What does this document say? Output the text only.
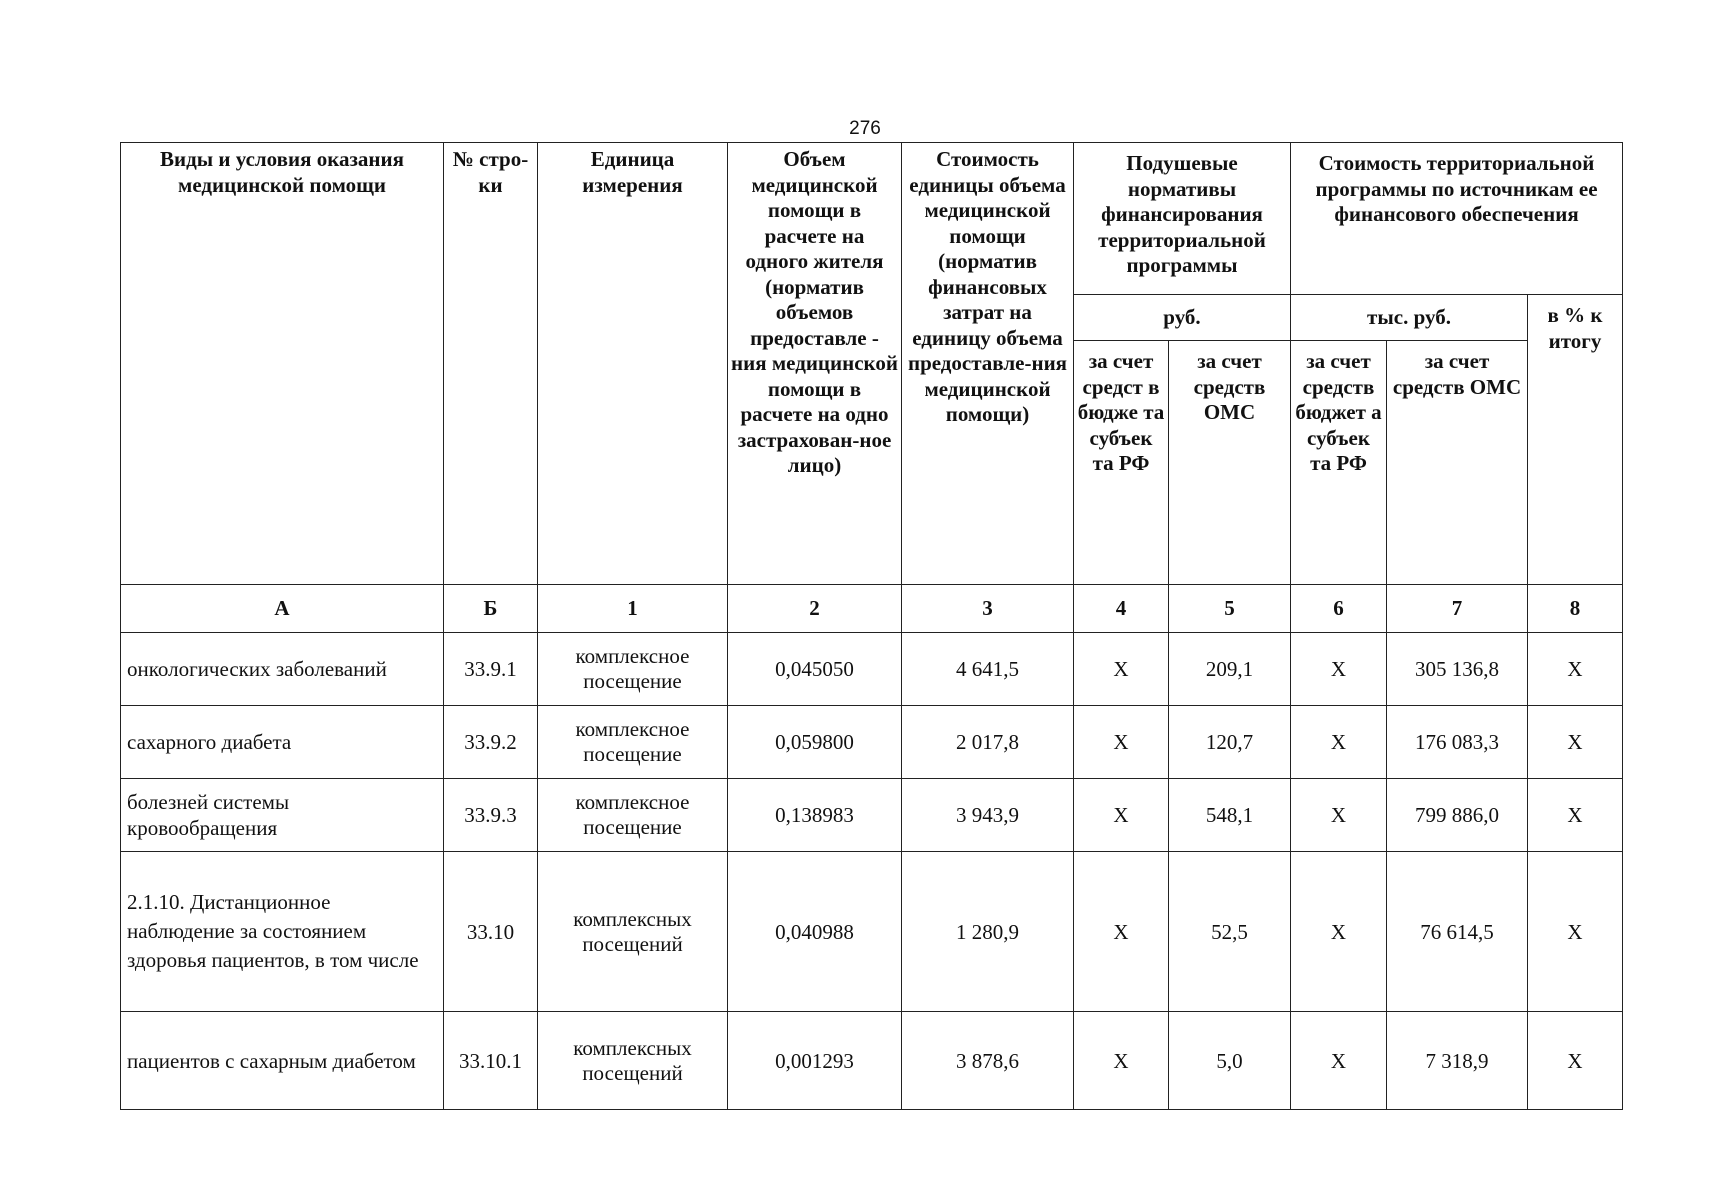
276
Виды и условия оказания медицинской помощи	№ стро-ки	Единица измерения	Объем медицинской помощи в расчете на одного жителя (норматив объемов предоставле - ния медицинской помощи в расчете на одно застрахован-ное лицо)	Стоимость единицы объема медицинской помощи (норматив финансовых затрат на единицу объема предоставле-ния медицинской помощи)	Подушевые нормативы финансирования территориальной программы		Стоимость территориальной программы по источникам ее финансового обеспечения		
					руб.		тыс. руб.		в % к итогу
					за счет средст в бюдже та субъек та РФ	за счет средств ОМС	за счет средств бюджет а субъек та РФ	за счет средств ОМС	
А	Б	1	2	3	4	5	6	7	8
онкологических заболеваний	33.9.1	комплексное посещение	0,045050	4 641,5	X	209,1	X	305 136,8	X
сахарного диабета	33.9.2	комплексное посещение	0,059800	2 017,8	X	120,7	X	176 083,3	X
болезней системы кровообращения	33.9.3	комплексное посещение	0,138983	3 943,9	X	548,1	X	799 886,0	X
2.1.10. Дистанционное наблюдение за состоянием здоровья пациентов, в том числе	33.10	комплексных посещений	0,040988	1 280,9	X	52,5	X	76 614,5	X
пациентов с сахарным диабетом	33.10.1	комплексных посещений	0,001293	3 878,6	X	5,0	X	7 318,9	X
